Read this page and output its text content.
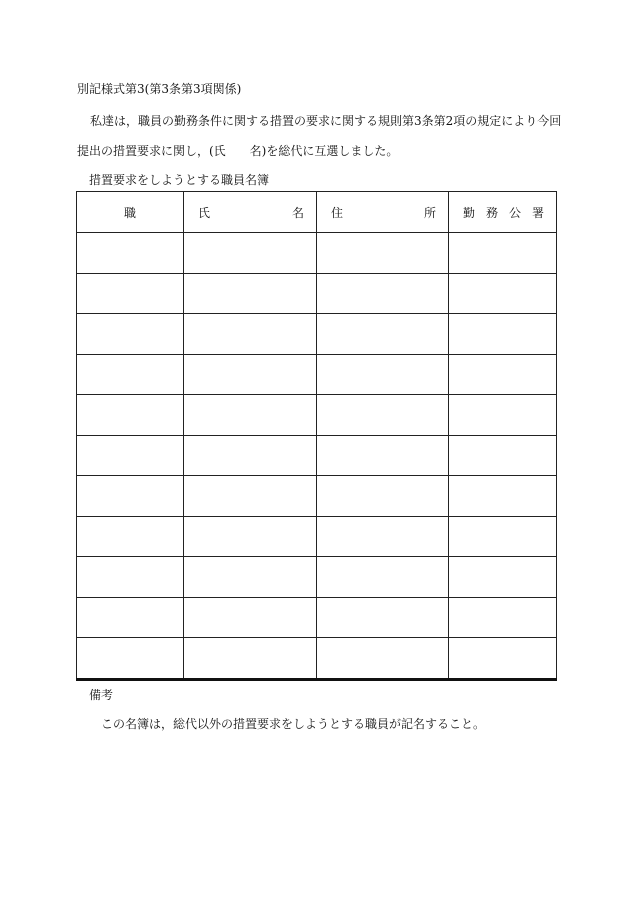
別記様式第3(第3条第3項関係)
私達は，職員の勤務条件に関する措置の要求に関する規則第3条第2項の規定により今回
提出の措置要求に関し，(氏　　名)を総代に互選しました。
措置要求をしようとする職員名簿
職	氏 名	住 所	勤 務 公 署

備考
この名簿は，総代以外の措置要求をしようとする職員が記名すること。
